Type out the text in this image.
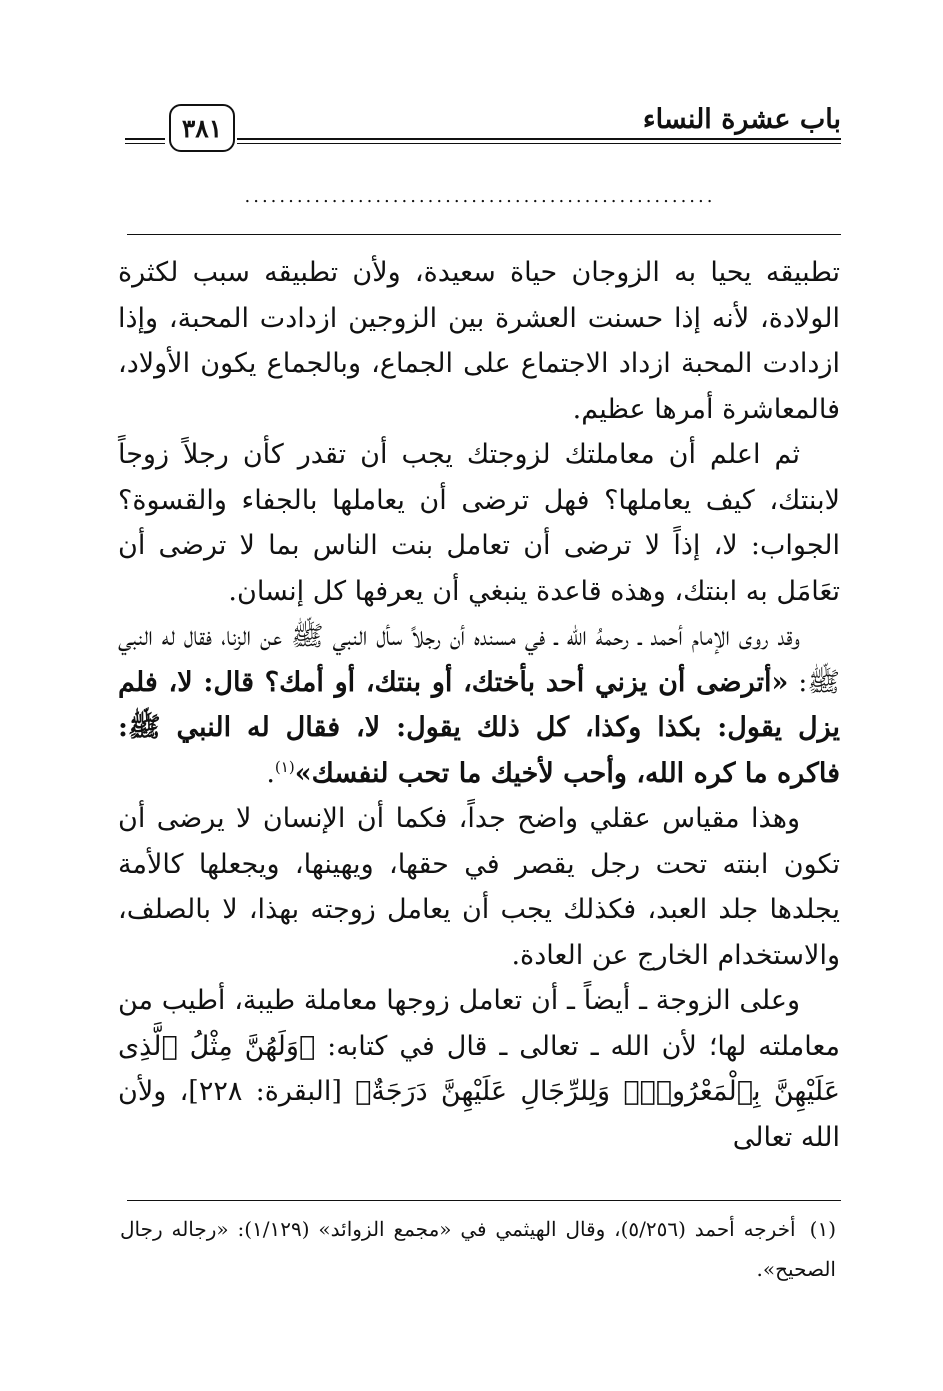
باب عشرة النساء
٣٨١
......................................................

تطبيقه يحيا به الزوجان حياة سعيدة، ولأن تطبيقه سبب لكثرة الولادة، لأنه إذا حسنت العشرة بين الزوجين ازدادت المحبة، وإذا ازدادت المحبة ازداد الاجتماع على الجماع، وبالجماع يكون الأولاد، فالمعاشرة أمرها عظيم.

ثم اعلم أن معاملتك لزوجتك يجب أن تقدر كأن رجلاً زوجاً لابنتك، كيف يعاملها؟ فهل ترضى أن يعاملها بالجفاء والقسوة؟ الجواب: لا، إذاً لا ترضى أن تعامل بنت الناس بما لا ترضى أن تعَامَل به ابنتك، وهذه قاعدة ينبغي أن يعرفها كل إنسان.

وقد روى الإمام أحمد ـ رحمهُ الله ـ في مسنده أن رجلاً سأل النبي ﷺ عن الزنا، فقال له النبي ﷺ: «أترضى أن يزني أحد بأختك، أو بنتك، أو أمك؟ قال: لا، فلم يزل يقول: بكذا وكذا، كل ذلك يقول: لا، فقال له النبي ﷺ: فاكره ما كره الله، وأحب لأخيك ما تحب لنفسك»$^{(١)}$.

وهذا مقياس عقلي واضح جداً، فكما أن الإنسان لا يرضى أن تكون ابنته تحت رجل يقصر في حقها، ويهينها، ويجعلها كالأمة يجلدها جلد العبد، فكذلك يجب أن يعامل زوجته بهذا، لا بالصلف، والاستخدام الخارج عن العادة.

وعلى الزوجة ـ أيضاً ـ أن تعامل زوجها معاملة طيبة، أطيب من معاملته لها؛ لأن الله ـ تعالى ـ قال في كتابه: ﴿وَلَهُنَّ مِثْلُ ٱلَّذِى عَلَيْهِنَّ بِٱلْمَعْرُوفِۚ وَلِلرِّجَالِ عَلَيْهِنَّ دَرَجَةٌ﴾ [البقرة: ٢٢٨]، ولأن الله تعالى

(١)أخرجه أحمد (٥/٢٥٦)، وقال الهيثمي في «مجمع الزوائد» (١/١٢٩): «رجاله رجال الصحيح».
